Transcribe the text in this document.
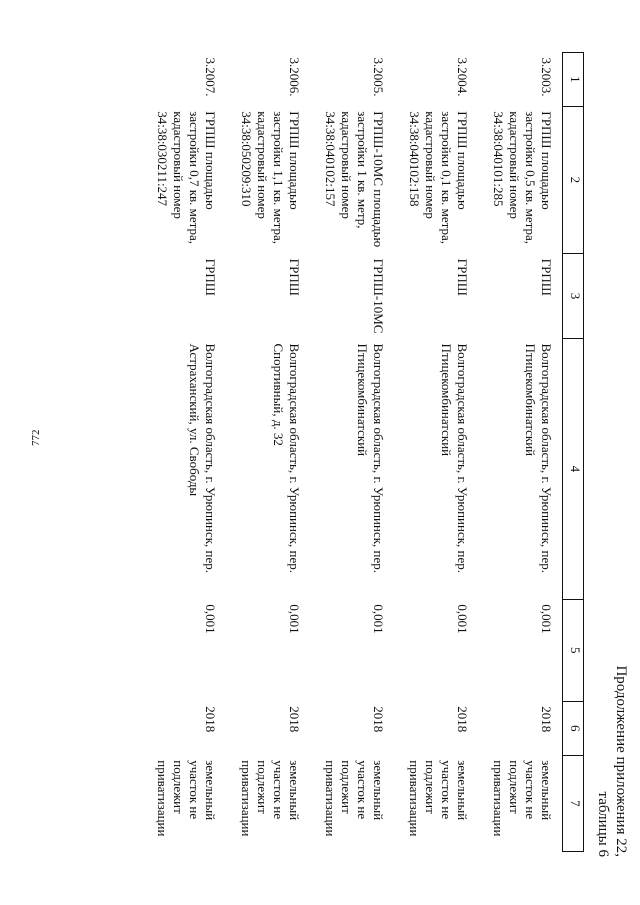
772
Продолжение приложения 22,
таблицы 6
1	2	3	4	5	6	7
3.2003.	ГРПШ площадью застройки 0,5 кв. метра, кадастровый номер 34:38:040101:285	ГРПШ	Волгоградская область, г. Урюпинск, пер. Птицекомбинатский	0,001	2018	земельный участок не подлежит приватизации
3.2004.	ГРПШ площадью застройки 0,1 кв. метра, кадастровый номер 34:38:040102:158	ГРПШ	Волгоградская область, г. Урюпинск, пер. Птицекомбинатский	0,001	2018	земельный участок не подлежит приватизации
3.2005.	ГРПШ-10МС площадью застройки 1 кв. метр, кадастровый номер 34:38:040102:157	ГРПШ-10МС	Волгоградская область, г. Урюпинск, пер. Птицекомбинатский	0,001	2018	земельный участок не подлежит приватизации
3.2006.	ГРПШ площадью застройки 1,1 кв. метра, кадастровый номер 34:38:050209:310	ГРПШ	Волгоградская область, г. Урюпинск, пер. Спортивный, д. 32	0,001	2018	земельный участок не подлежит приватизации
3.2007.	ГРПШ площадью застройки 0,7 кв. метра, кадастровый номер 34:38:030211:247	ГРПШ	Волгоградская область, г. Урюпинск, пер. Астраханский, ул. Свободы	0,001	2018	земельный участок не подлежит приватизации
